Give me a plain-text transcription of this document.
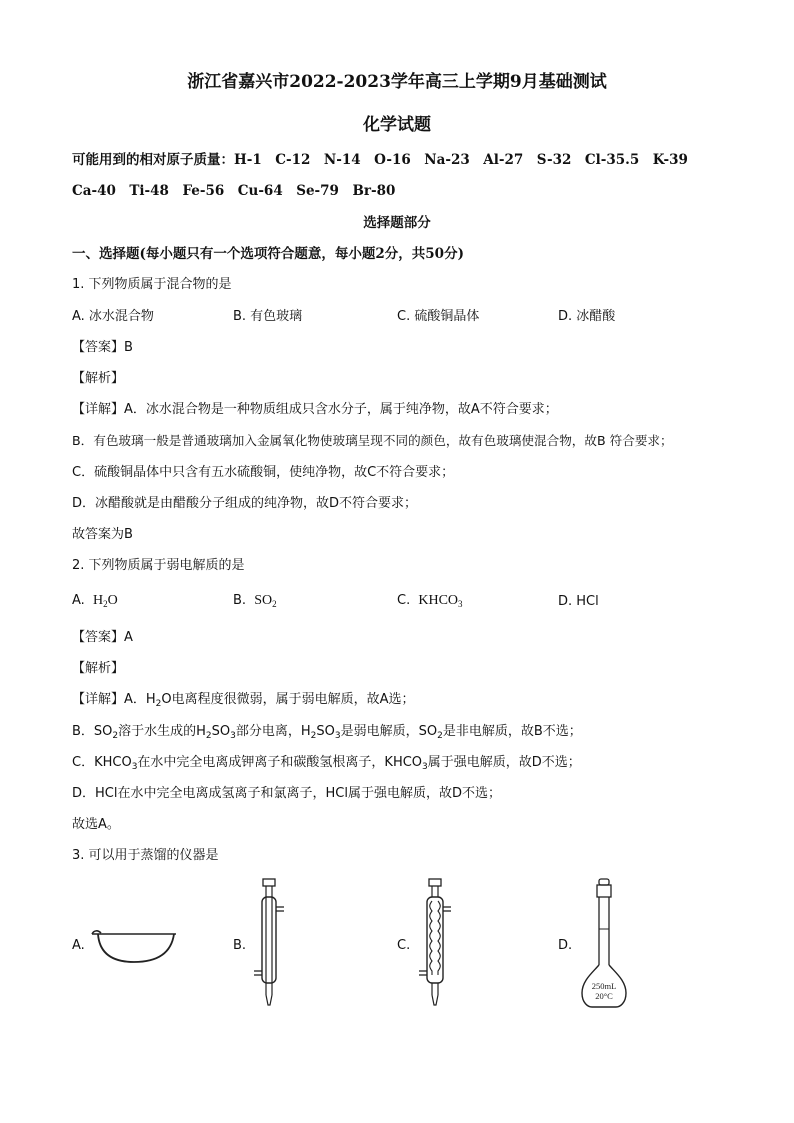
浙江省嘉兴市2022-2023学年高三上学期9月基础测试
化学试题
可能用到的相对原子质量：H-1　C-12　N-14　O-16　Na-23　Al-27　S-32　Cl-35.5　K-39
Ca-40　Ti-48　Fe-56　Cu-64　Se-79　Br-80
选择题部分
一、选择题(每小题只有一个选项符合题意，每小题2分，共50分)
1. 下列物质属于混合物的是
A. 冰水混合物	B. 有色玻璃	C. 硫酸铜晶体	D. 冰醋酸
【答案】B
【解析】
【详解】A．冰水混合物是一种物质组成只含水分子，属于纯净物，故A不符合要求；
B．有色玻璃一般是普通玻璃加入金属氧化物使玻璃呈现不同的颜色，故有色玻璃使混合物，故B 符合要求；
C．硫酸铜晶体中只含有五水硫酸铜，使纯净物，故C不符合要求；
D．冰醋酸就是由醋酸分子组成的纯净物，故D不符合要求；
故答案为B
2. 下列物质属于弱电解质的是
A. $H_2O$	B. $SO_2$	C. $KHCO_3$	D. HCl
【答案】A
【解析】
【详解】A．$H_2O$电离程度很微弱，属于弱电解质，故A选；
B．$SO_2$溶于水生成的$H_2SO_3$部分电离，$H_2SO_3$是弱电解质，$SO_2$是非电解质，故B不选；
C．$KHCO_3$在水中完全电离成钾离子和碳酸氢根离子，$KHCO_3$属于强电解质，故D不选；
D．HCl在水中完全电离成氢离子和氯离子，HCl属于强电解质，故D不选；
故选A。
3. 可以用于蒸馏的仪器是
A.	B.	C.	D.
250mL
20°C
